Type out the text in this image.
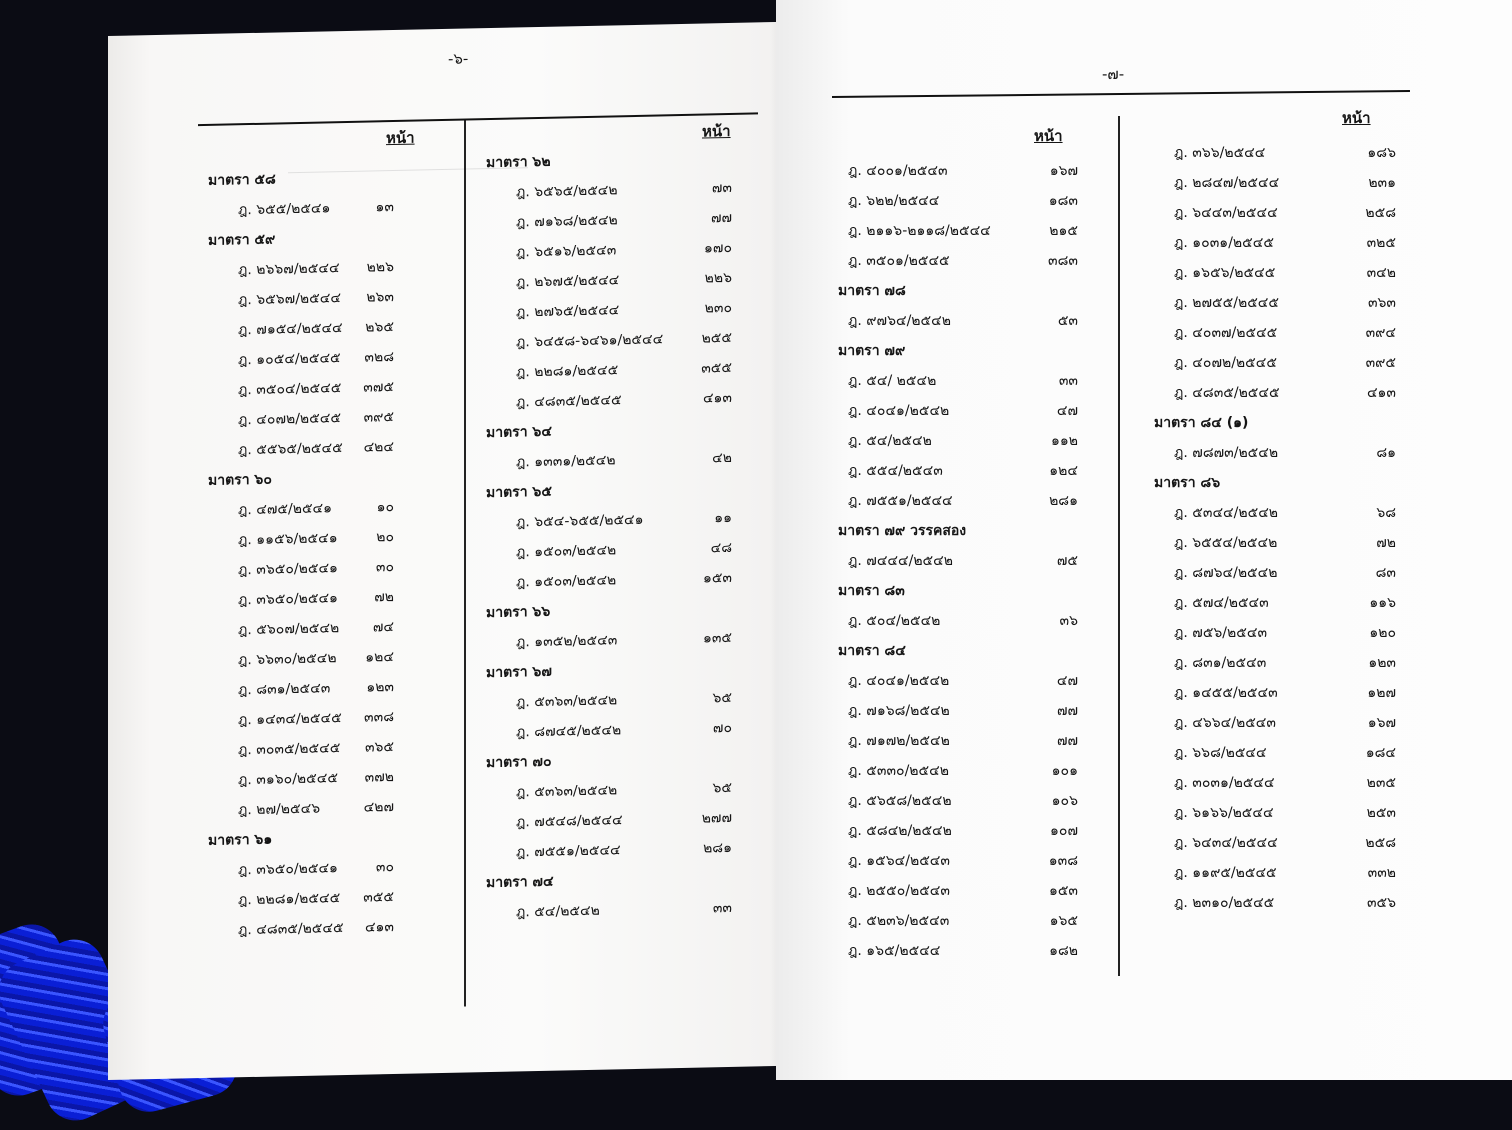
-๖-
หน้า	หน้า
มาตรา ๕๘
ฎ. ๖๕๕/๒๕๔๑	๑๓
มาตรา ๕๙
ฎ. ๒๖๖๗/๒๕๔๔ ๒๒๖
ฎ. ๖๕๖๗/๒๕๔๔ ๒๖๓
ฎ. ๗๑๕๔/๒๕๔๔ ๒๖๕
ฎ. ๑๐๕๔/๒๕๔๕ ๓๒๘
ฎ. ๓๕๐๔/๒๕๔๕ ๓๗๕
ฎ. ๔๐๗๒/๒๕๔๕ ๓๙๕
ฎ. ๕๕๖๕/๒๕๔๕ ๔๒๔
มาตรา ๖๐
ฎ. ๔๗๕/๒๕๔๑	๑๐
ฎ. ๑๑๕๖/๒๕๔๑	๒๐
ฎ. ๓๖๕๐/๒๕๔๑	๓๐
ฎ. ๓๖๕๐/๒๕๔๑	๗๒
ฎ. ๕๖๐๗/๒๕๔๒ ๗๔
ฎ. ๖๖๓๐/๒๕๔๒ ๑๒๔
ฎ. ๘๓๑/๒๕๔๓	๑๒๓
ฎ. ๑๔๓๔/๒๕๔๕ ๓๓๘
ฎ. ๓๐๓๕/๒๕๔๕ ๓๖๕
ฎ. ๓๑๖๐/๒๕๔๕ ๓๗๒
ฎ. ๒๗/๒๕๔๖	๔๒๗
มาตรา ๖๑
ฎ. ๓๖๕๐/๒๕๔๑	๓๐
ฎ. ๒๒๘๑/๒๕๔๕ ๓๕๕
ฎ. ๔๘๓๕/๒๕๔๕ ๔๑๓
มาตรา ๖๒
ฎ. ๖๕๖๕/๒๕๔๒	๗๓
ฎ. ๗๑๖๘/๒๕๔๒	๗๗
ฎ. ๖๕๑๖/๒๕๔๓	๑๗๐
ฎ. ๒๖๗๕/๒๕๔๔	๒๒๖
ฎ. ๒๗๖๕/๒๕๔๔	๒๓๐
ฎ. ๖๔๕๘-๖๔๖๑/๒๕๔๔	๒๕๕
ฎ. ๒๒๘๑/๒๕๔๕	๓๕๕
ฎ. ๔๘๓๕/๒๕๔๕	๔๑๓
มาตรา ๖๔
ฎ. ๑๓๓๑/๒๕๔๒	๔๒
มาตรา ๖๕
ฎ. ๖๕๔-๖๕๕/๒๕๔๑	๑๑
ฎ. ๑๕๐๓/๒๕๔๒	๔๘
ฎ. ๑๕๐๓/๒๕๔๒	๑๕๓
มาตรา ๖๖
ฎ. ๑๓๕๒/๒๕๔๓	๑๓๕
มาตรา ๖๗
ฎ. ๕๓๖๓/๒๕๔๒	๖๕
ฎ. ๘๗๔๕/๒๕๔๒	๗๐
มาตรา ๗๐
ฎ. ๕๓๖๓/๒๕๔๒	๖๕
ฎ. ๗๕๔๘/๒๕๔๔	๒๗๗
ฎ. ๗๕๕๑/๒๕๔๔	๒๘๑
มาตรา ๗๔
ฎ. ๕๔/๒๕๔๒	๓๓
-๗-
หน้า
หน้า
ฎ. ๔๐๐๑/๒๕๔๓	๑๖๗
ฎ. ๖๒๒/๒๕๔๔	๑๘๓
ฎ. ๒๑๑๖-๒๑๑๘/๒๕๔๔	๒๑๕
ฎ. ๓๕๐๑/๒๕๔๕	๓๘๓
มาตรา ๗๘
ฎ. ๙๗๖๔/๒๕๔๒	๕๓
มาตรา ๗๙
ฎ. ๕๔/ ๒๕๔๒	๓๓
ฎ. ๔๐๔๑/๒๕๔๒	๔๗
ฎ. ๕๔/๒๕๔๒	๑๑๒
ฎ. ๕๕๔/๒๕๔๓	๑๒๔
ฎ. ๗๕๕๑/๒๕๔๔	๒๘๑
มาตรา ๗๙ วรรคสอง
ฎ. ๗๔๔๔/๒๕๔๒	๗๕
มาตรา ๘๓
ฎ. ๕๐๔/๒๕๔๒	๓๖
มาตรา ๘๔
ฎ. ๔๐๔๑/๒๕๔๒	๔๗
ฎ. ๗๑๖๘/๒๕๔๒	๗๗
ฎ. ๗๑๗๒/๒๕๔๒	๗๗
ฎ. ๕๓๓๐/๒๕๔๒	๑๐๑
ฎ. ๕๖๕๘/๒๕๔๒	๑๐๖
ฎ. ๕๘๔๒/๒๕๔๒	๑๐๗
ฎ. ๑๕๖๔/๒๕๔๓	๑๓๘
ฎ. ๒๕๕๐/๒๕๔๓	๑๕๓
ฎ. ๕๒๓๖/๒๕๔๓	๑๖๕
ฎ. ๑๖๕/๒๕๔๔	๑๘๒
ฎ. ๓๖๖/๒๕๔๔	๑๘๖
ฎ. ๒๘๔๗/๒๕๔๔	๒๓๑
ฎ. ๖๔๔๓/๒๕๔๔	๒๕๘
ฎ. ๑๐๓๑/๒๕๔๕	๓๒๕
ฎ. ๑๖๕๖/๒๕๔๕	๓๔๒
ฎ. ๒๗๕๕/๒๕๔๕	๓๖๓
ฎ. ๔๐๓๗/๒๕๔๕	๓๙๔
ฎ. ๔๐๗๒/๒๕๔๕	๓๙๕
ฎ. ๔๘๓๕/๒๕๔๕	๔๑๓
มาตรา ๘๔ (๑)
ฎ. ๗๘๗๓/๒๕๔๒	๘๑
มาตรา ๘๖
ฎ. ๕๓๔๔/๒๕๔๒	๖๘
ฎ. ๖๕๕๔/๒๕๔๒	๗๒
ฎ. ๘๗๖๔/๒๕๔๒	๘๓
ฎ. ๕๗๔/๒๕๔๓	๑๑๖
ฎ. ๗๕๖/๒๕๔๓	๑๒๐
ฎ. ๘๓๑/๒๕๔๓	๑๒๓
ฎ. ๑๔๕๕/๒๕๔๓	๑๒๗
ฎ. ๔๖๖๔/๒๕๔๓	๑๖๗
ฎ. ๖๖๘/๒๕๔๔	๑๘๔
ฎ. ๓๐๓๑/๒๕๔๔	๒๓๕
ฎ. ๖๑๖๖/๒๕๔๔	๒๕๓
ฎ. ๖๔๓๔/๒๕๔๔	๒๕๘
ฎ. ๑๑๙๕/๒๕๔๕	๓๓๒
ฎ. ๒๓๑๐/๒๕๔๕	๓๕๖
